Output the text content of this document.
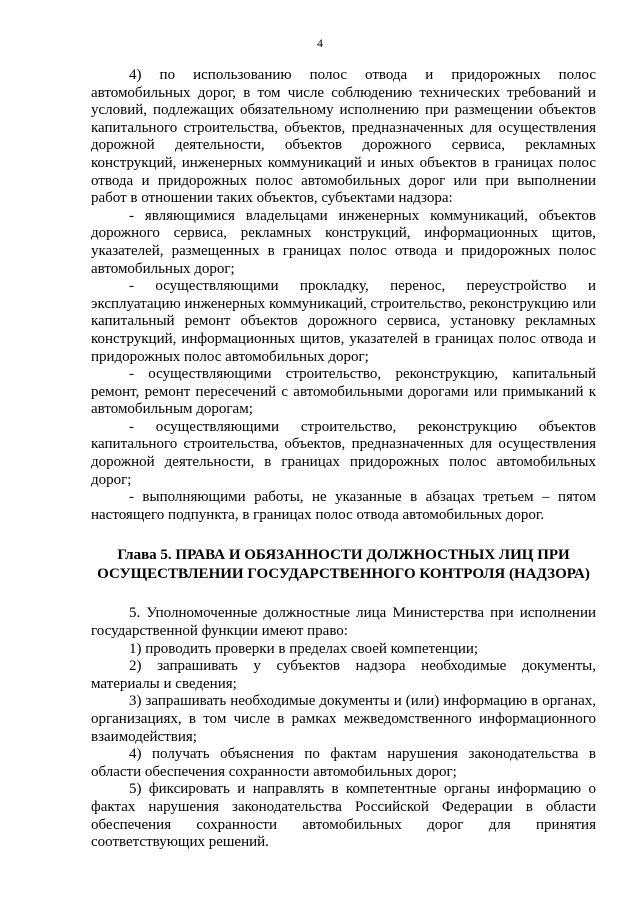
4

4) по использованию полос отвода и придорожных полос автомобильных дорог, в том числе соблюдению технических требований и условий, подлежащих обязательному исполнению при размещении объектов капитального строительства, объектов, предназначенных для осуществления дорожной деятельности, объектов дорожного сервиса, рекламных конструкций, инженерных коммуникаций и иных объектов в границах полос отвода и придорожных полос автомобильных дорог или при выполнении работ в отношении таких объектов, субъектами надзора:

- являющимися владельцами инженерных коммуникаций, объектов дорожного сервиса, рекламных конструкций, информационных щитов, указателей, размещенных в границах полос отвода и придорожных полос автомобильных дорог;

- осуществляющими прокладку, перенос, переустройство и эксплуатацию инженерных коммуникаций, строительство, реконструкцию или капитальный ремонт объектов дорожного сервиса, установку рекламных конструкций, информационных щитов, указателей в границах полос отвода и придорожных полос автомобильных дорог;

- осуществляющими строительство, реконструкцию, капитальный ремонт, ремонт пересечений с автомобильными дорогами или примыканий к автомобильным дорогам;

- осуществляющими строительство, реконструкцию объектов капитального строительства, объектов, предназначенных для осуществления дорожной деятельности, в границах придорожных полос автомобильных дорог;

- выполняющими работы, не указанные в абзацах третьем – пятом настоящего подпункта, в границах полос отвода автомобильных дорог.

Глава 5. ПРАВА И ОБЯЗАННОСТИ ДОЛЖНОСТНЫХ ЛИЦ ПРИ
ОСУЩЕСТВЛЕНИИ ГОСУДАРСТВЕННОГО КОНТРОЛЯ (НАДЗОРА)

5. Уполномоченные должностные лица Министерства при исполнении государственной функции имеют право:

1) проводить проверки в пределах своей компетенции;

2) запрашивать у субъектов надзора необходимые документы, материалы и сведения;

3) запрашивать необходимые документы и (или) информацию в органах, организациях, в том числе в рамках межведомственного информационного взаимодействия;

4) получать объяснения по фактам нарушения законодательства в области обеспечения сохранности автомобильных дорог;

5) фиксировать и направлять в компетентные органы информацию о фактах нарушения законодательства Российской Федерации в области обеспечения сохранности автомобильных дорог для принятия соответствующих решений.
